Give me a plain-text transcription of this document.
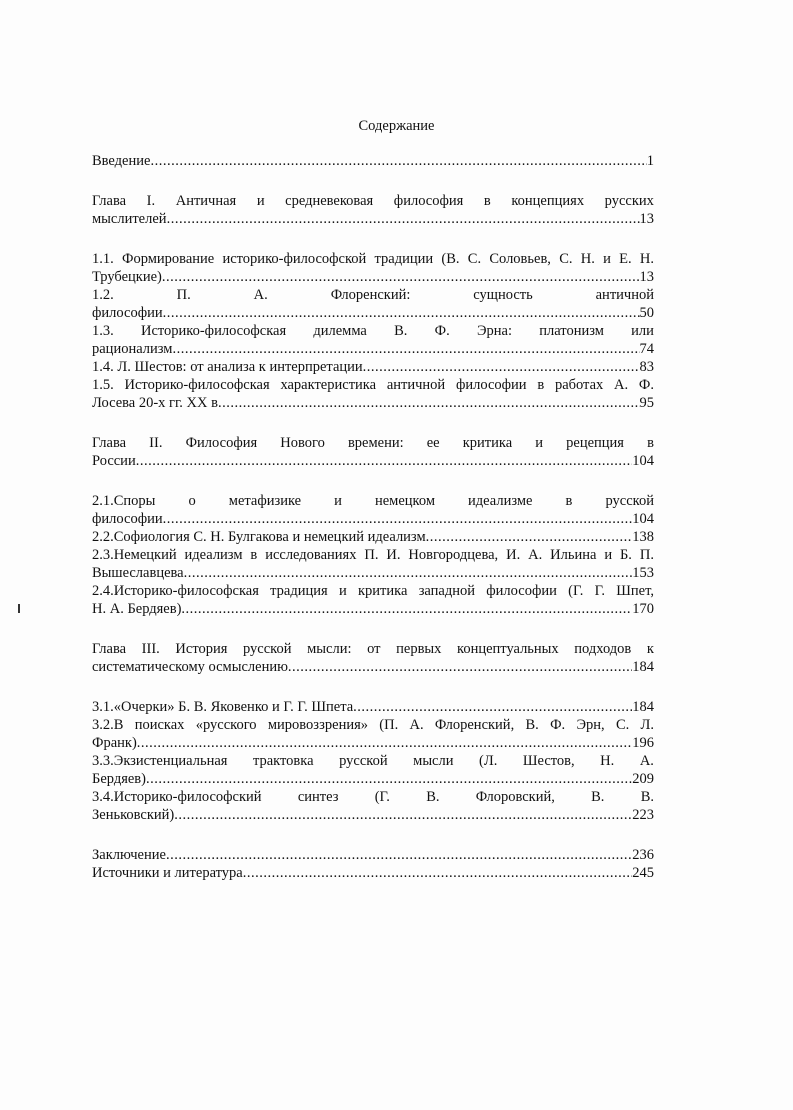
Содержание
Введение .....	1
Глава I. Античная и средневековая философия в концепциях русских
мыслителей .....	13
1.1. Формирование историко-философской традиции (В. С. Соловьев, С. Н. и Е. Н.
Трубецкие) .....	13
1.2.	П.	А.	Флоренский:	сущность	античной
философии .....	50
1.3. Историко-философская дилемма В. Ф. Эрна: платонизм или
рационализм .....	74
1.4. Л. Шестов: от анализа к интерпретации .....	83
1.5. Историко-философская характеристика античной философии в работах А. Ф.
Лосева 20-х гг. XX в .....	95
Глава II. Философия Нового времени: ее критика и рецепция в
России .....	104
2.1.Споры о метафизике и немецком идеализме в русской
философии .....	104
2.2.Софиология С. Н. Булгакова и немецкий идеализм .....	138
2.3.Немецкий идеализм в исследованиях П. И. Новгородцева, И. А. Ильина и Б. П.
Вышеславцева .....	153
2.4.Историко-философская традиция и критика западной философии (Г. Г. Шпет,
Н. А. Бердяев) .....	170
Глава III. История русской мысли: от первых концептуальных подходов к
систематическому осмыслению .....	184
3.1.«Очерки» Б. В. Яковенко и Г. Г. Шпета .....	184
3.2.В поисках «русского мировоззрения» (П. А. Флоренский, В. Ф. Эрн, С. Л.
Франк) .....	196
3.3.Экзистенциальная трактовка русской мысли (Л. Шестов, Н. А.
Бердяев) .....	209
3.4.Историко-философский	синтез	(Г.	В.	Флоровский,	В.	В.
Зеньковский) .....	223
Заключение .....	236
Источники и литература .....	245
